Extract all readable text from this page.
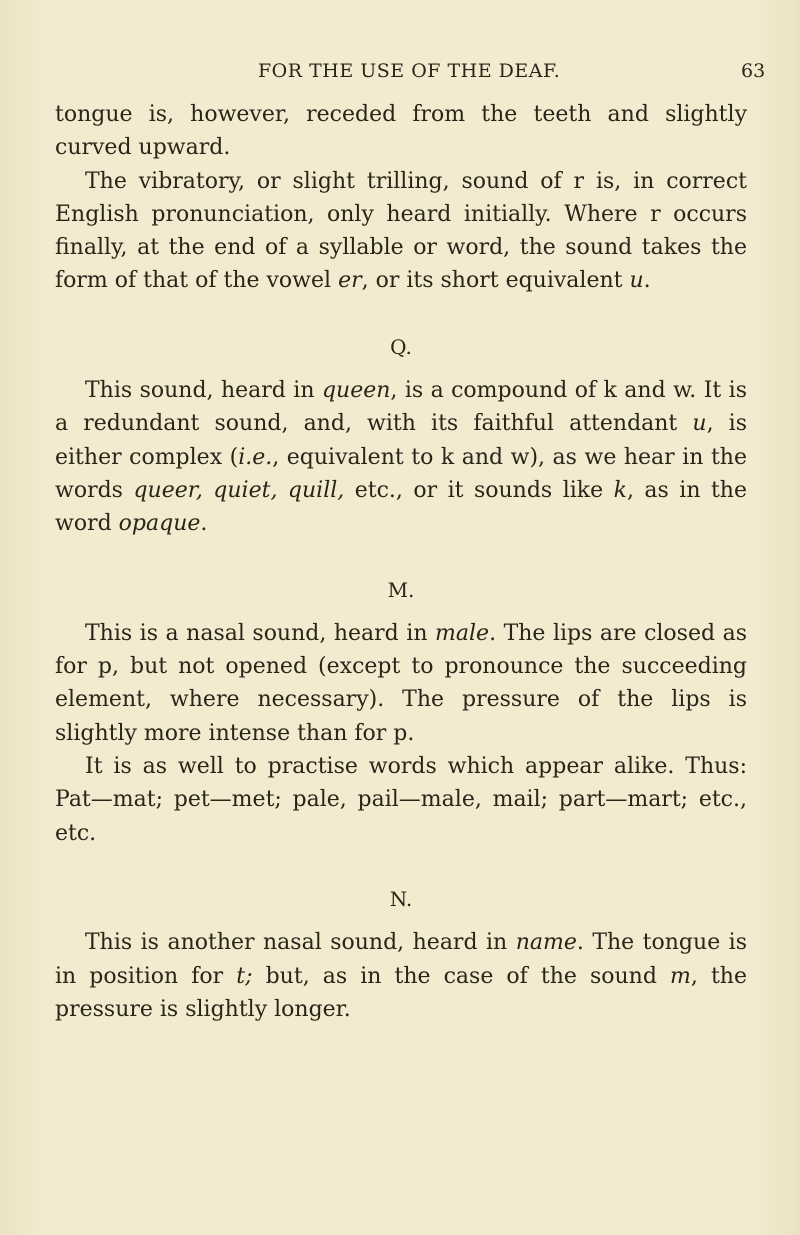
FOR THE USE OF THE DEAF.	63

tongue is, however, receded from the teeth and slightly curved upward.

The vibratory, or slight trilling, sound of r is, in correct English pronunciation, only heard initially. Where r occurs finally, at the end of a syllable or word, the sound takes the form of that of the vowel er, or its short equivalent u.

Q.

This sound, heard in queen, is a compound of k and w. It is a redundant sound, and, with its faithful attendant u, is either complex (i.e., equivalent to k and w), as we hear in the words queer, quiet, quill, etc., or it sounds like k, as in the word opaque.

M.

This is a nasal sound, heard in male. The lips are closed as for p, but not opened (except to pronounce the succeeding element, where necessary). The pressure of the lips is slightly more intense than for p.

It is as well to practise words which appear alike. Thus: Pat—mat; pet—met; pale, pail—male, mail; part—mart; etc., etc.

N.

This is another nasal sound, heard in name. The tongue is in position for t; but, as in the case of the sound m, the pressure is slightly longer.
